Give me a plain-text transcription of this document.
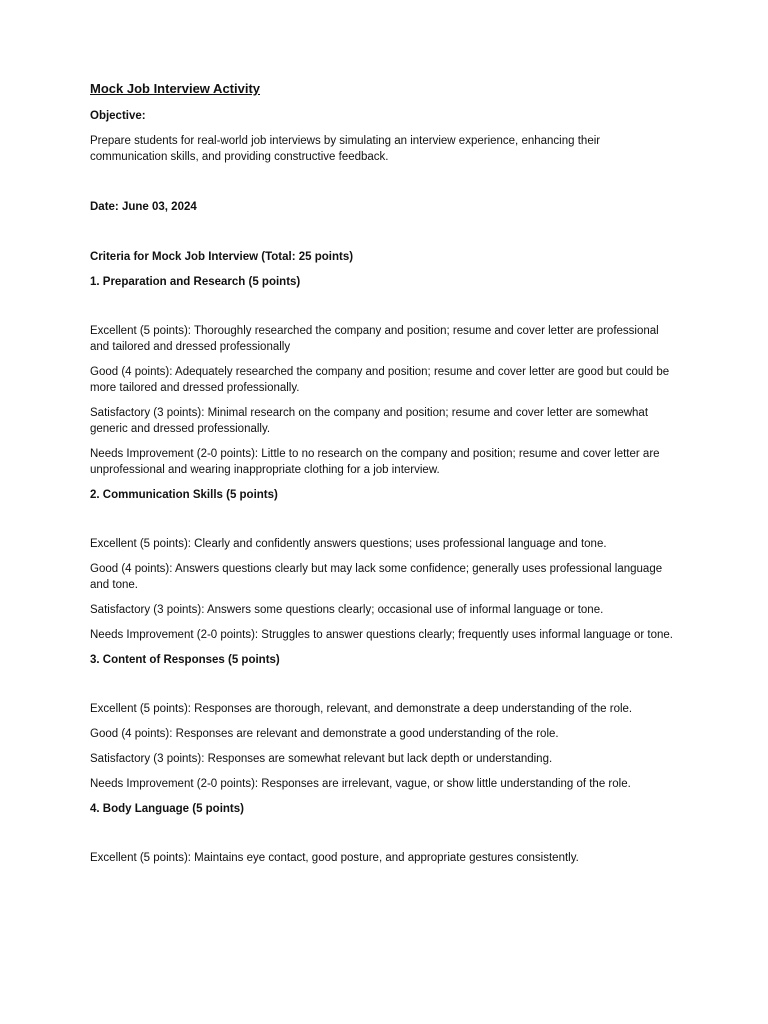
Mock Job Interview Activity
Objective:
Prepare students for real-world job interviews by simulating an interview experience, enhancing their communication skills, and providing constructive feedback.
Date: June 03, 2024
Criteria for Mock Job Interview (Total: 25 points)
1. Preparation and Research (5 points)
Excellent (5 points): Thoroughly researched the company and position; resume and cover letter are professional and tailored and dressed professionally
Good (4 points): Adequately researched the company and position; resume and cover letter are good but could be more tailored and dressed professionally.
Satisfactory (3 points): Minimal research on the company and position; resume and cover letter are somewhat generic and dressed professionally.
Needs Improvement (2-0 points): Little to no research on the company and position; resume and cover letter are unprofessional and wearing inappropriate clothing for a job interview.
2. Communication Skills (5 points)
Excellent (5 points): Clearly and confidently answers questions; uses professional language and tone.
Good (4 points): Answers questions clearly but may lack some confidence; generally uses professional language and tone.
Satisfactory (3 points): Answers some questions clearly; occasional use of informal language or tone.
Needs Improvement (2-0 points): Struggles to answer questions clearly; frequently uses informal language or tone.
3. Content of Responses (5 points)
Excellent (5 points): Responses are thorough, relevant, and demonstrate a deep understanding of the role.
Good (4 points): Responses are relevant and demonstrate a good understanding of the role.
Satisfactory (3 points): Responses are somewhat relevant but lack depth or understanding.
Needs Improvement (2-0 points): Responses are irrelevant, vague, or show little understanding of the role.
4. Body Language (5 points)
Excellent (5 points): Maintains eye contact, good posture, and appropriate gestures consistently.
